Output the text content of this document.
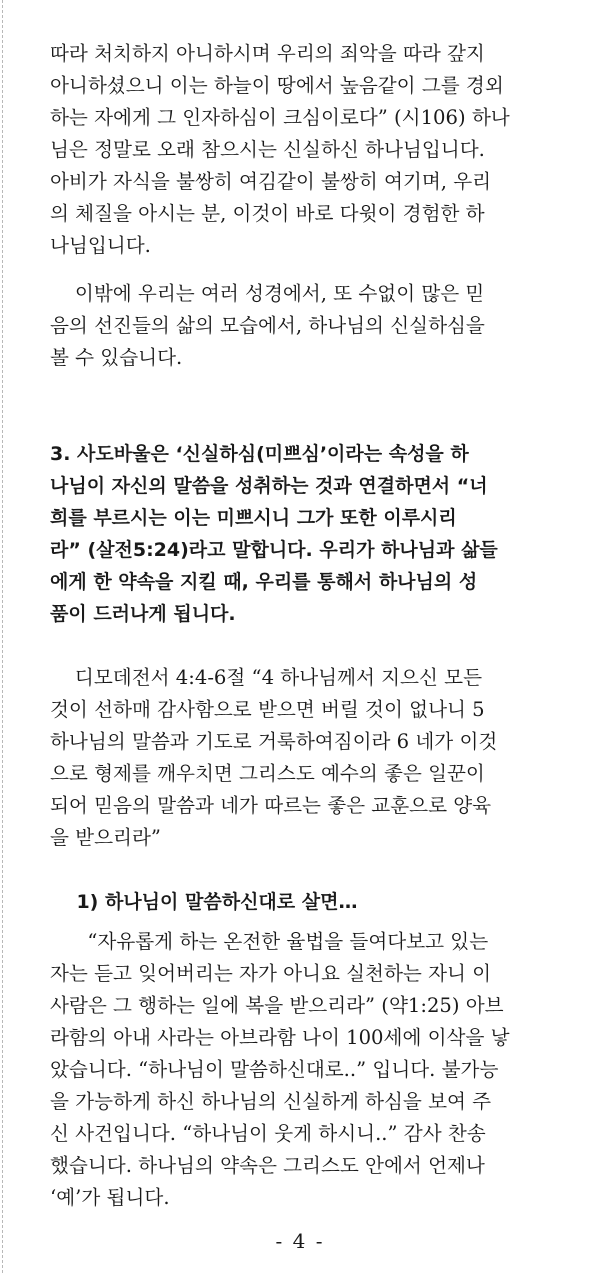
따라 처치하지 아니하시며 우리의 죄악을 따라 갚지
아니하셨으니 이는 하늘이 땅에서 높음같이 그를 경외
하는 자에게 그 인자하심이 크심이로다” (시106) 하나
님은 정말로 오래 참으시는 신실하신 하나님입니다.
아비가 자식을 불쌍히 여김같이 불쌍히 여기며, 우리
의 체질을 아시는 분, 이것이 바로 다윗이 경험한 하
나님입니다.
이밖에 우리는 여러 성경에서, 또 수없이 많은 믿
음의 선진들의 삶의 모습에서, 하나님의 신실하심을
볼 수 있습니다.
3. 사도바울은 ‘신실하심(미쁘심’이라는 속성을 하
나님이 자신의 말씀을 성취하는 것과 연결하면서 “너
희를 부르시는 이는 미쁘시니 그가 또한 이루시리
라” (살전5:24)라고 말합니다. 우리가 하나님과 삶들
에게 한 약속을 지킬 때, 우리를 통해서 하나님의 성
품이 드러나게 됩니다.
디모데전서 4:4-6절 “4 하나님께서 지으신 모든
것이 선하매 감사함으로 받으면 버릴 것이 없나니 5
하나님의 말씀과 기도로 거룩하여짐이라 6 네가 이것
으로 형제를 깨우치면 그리스도 예수의 좋은 일꾼이
되어 믿음의 말씀과 네가 따르는 좋은 교훈으로 양육
을 받으리라”
1) 하나님이 말씀하신대로 살면…
“자유롭게 하는 온전한 율법을 들여다보고 있는
자는 듣고 잊어버리는 자가 아니요 실천하는 자니 이
사람은 그 행하는 일에 복을 받으리라” (약1:25) 아브
라함의 아내 사라는 아브라함 나이 100세에 이삭을 낳
았습니다. “하나님이 말씀하신대로..” 입니다. 불가능
을 가능하게 하신 하나님의 신실하게 하심을 보여 주
신 사건입니다. “하나님이 웃게 하시니..” 감사 찬송
했습니다. 하나님의 약속은 그리스도 안에서 언제나
‘예’가 됩니다.
- 4 -
